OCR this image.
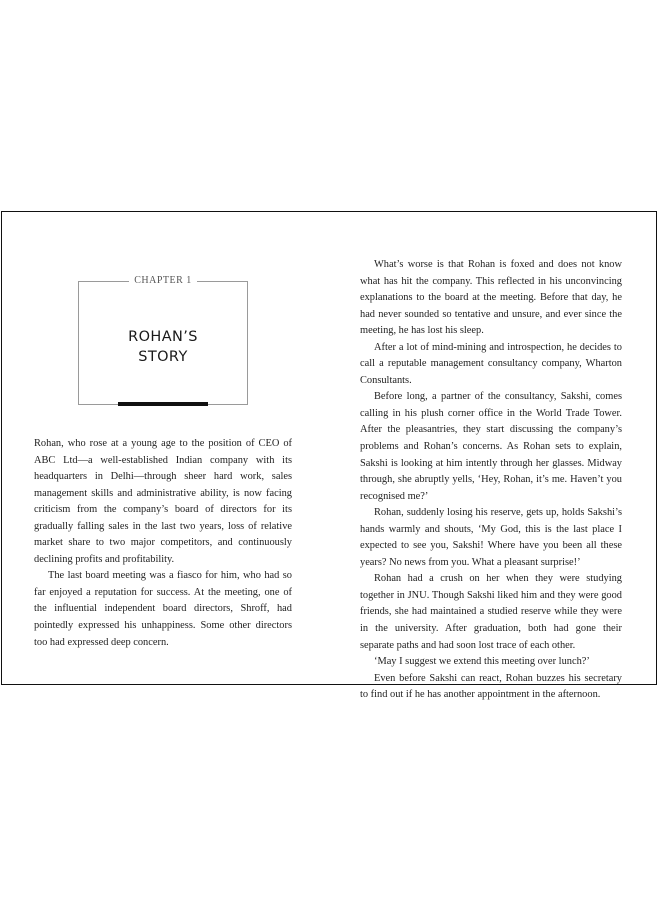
CHAPTER 1
ROHAN’S
STORY

Rohan, who rose at a young age to the position of CEO of ABC Ltd—a well-established Indian company with its headquarters in Delhi—through sheer hard work, sales management skills and administrative ability, is now facing criticism from the company’s board of directors for its gradually falling sales in the last two years, loss of relative market share to two major competitors, and continuously declining profits and profitability.

The last board meeting was a fiasco for him, who had so far enjoyed a reputation for success. At the meeting, one of the influential independent board directors, Shroff, had pointedly expressed his unhappiness. Some other directors too had expressed deep concern.

What’s worse is that Rohan is foxed and does not know what has hit the company. This reflected in his unconvincing explanations to the board at the meeting. Before that day, he had never sounded so tentative and unsure, and ever since the meeting, he has lost his sleep.

After a lot of mind-mining and introspection, he decides to call a reputable management consultancy company, Wharton Consultants.

Before long, a partner of the consultancy, Sakshi, comes calling in his plush corner office in the World Trade Tower. After the pleasantries, they start discussing the company’s problems and Rohan’s concerns. As Rohan sets to explain, Sakshi is looking at him intently through her glasses. Midway through, she abruptly yells, ‘Hey, Rohan, it’s me. Haven’t you recognised me?’

Rohan, suddenly losing his reserve, gets up, holds Sakshi’s hands warmly and shouts, ‘My God, this is the last place I expected to see you, Sakshi! Where have you been all these years? No news from you. What a pleasant surprise!’

Rohan had a crush on her when they were studying together in JNU. Though Sakshi liked him and they were good friends, she had maintained a studied reserve while they were in the university. After graduation, both had gone their separate paths and had soon lost trace of each other.

‘May I suggest we extend this meeting over lunch?’

Even before Sakshi can react, Rohan buzzes his secretary to find out if he has another appointment in the afternoon.
